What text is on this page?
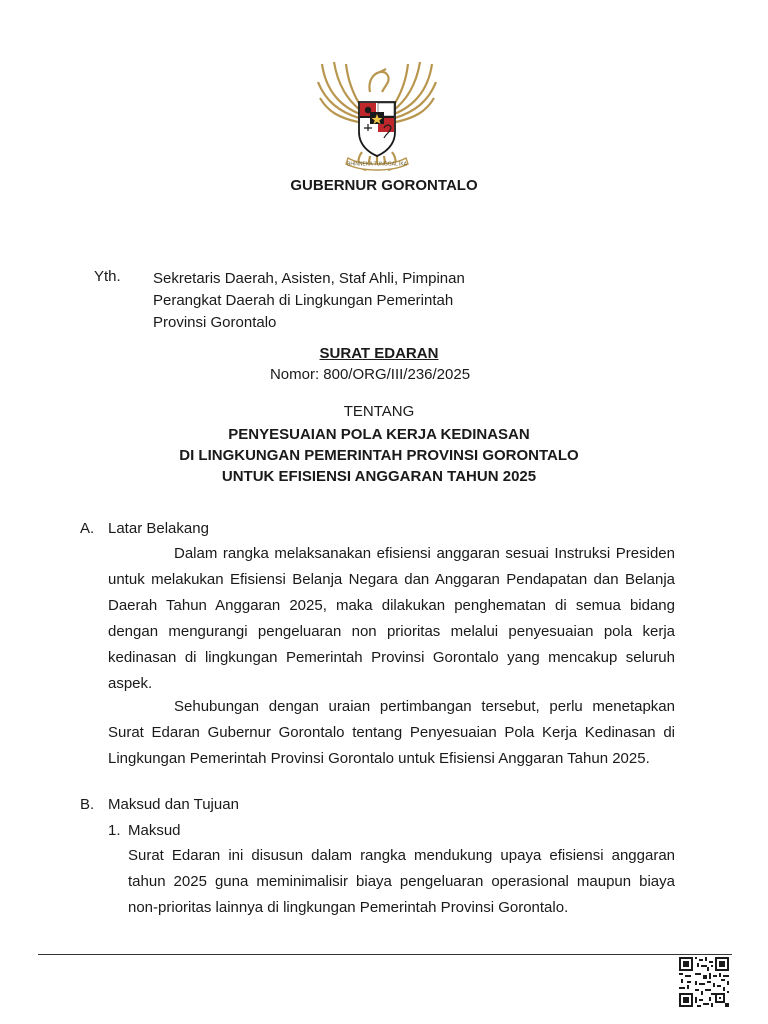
BHINNEKA TUNGGAL IKA
GUBERNUR GORONTALO
Yth. Sekretaris Daerah, Asisten, Staf Ahli, Pimpinan
Perangkat Daerah di Lingkungan Pemerintah
Provinsi Gorontalo
SURAT EDARAN
Nomor: 800/ORG/III/236/2025
TENTANG
PENYESUAIAN POLA KERJA KEDINASAN
DI LINGKUNGAN PEMERINTAH PROVINSI GORONTALO
UNTUK EFISIENSI ANGGARAN TAHUN 2025
A. Latar Belakang
Dalam rangka melaksanakan efisiensi anggaran sesuai Instruksi Presiden
untuk melakukan Efisiensi Belanja Negara dan Anggaran Pendapatan dan Belanja
Daerah Tahun Anggaran 2025, maka dilakukan penghematan di semua bidang
dengan mengurangi pengeluaran non prioritas melalui penyesuaian pola kerja
kedinasan di lingkungan Pemerintah Provinsi Gorontalo yang mencakup seluruh
aspek.
Sehubungan dengan uraian pertimbangan tersebut, perlu menetapkan
Surat Edaran Gubernur Gorontalo tentang Penyesuaian Pola Kerja Kedinasan di
Lingkungan Pemerintah Provinsi Gorontalo untuk Efisiensi Anggaran Tahun 2025.
B. Maksud dan Tujuan
1. Maksud
Surat Edaran ini disusun dalam rangka mendukung upaya efisiensi anggaran
tahun 2025 guna meminimalisir biaya pengeluaran operasional maupun biaya
non-prioritas lainnya di lingkungan Pemerintah Provinsi Gorontalo.
